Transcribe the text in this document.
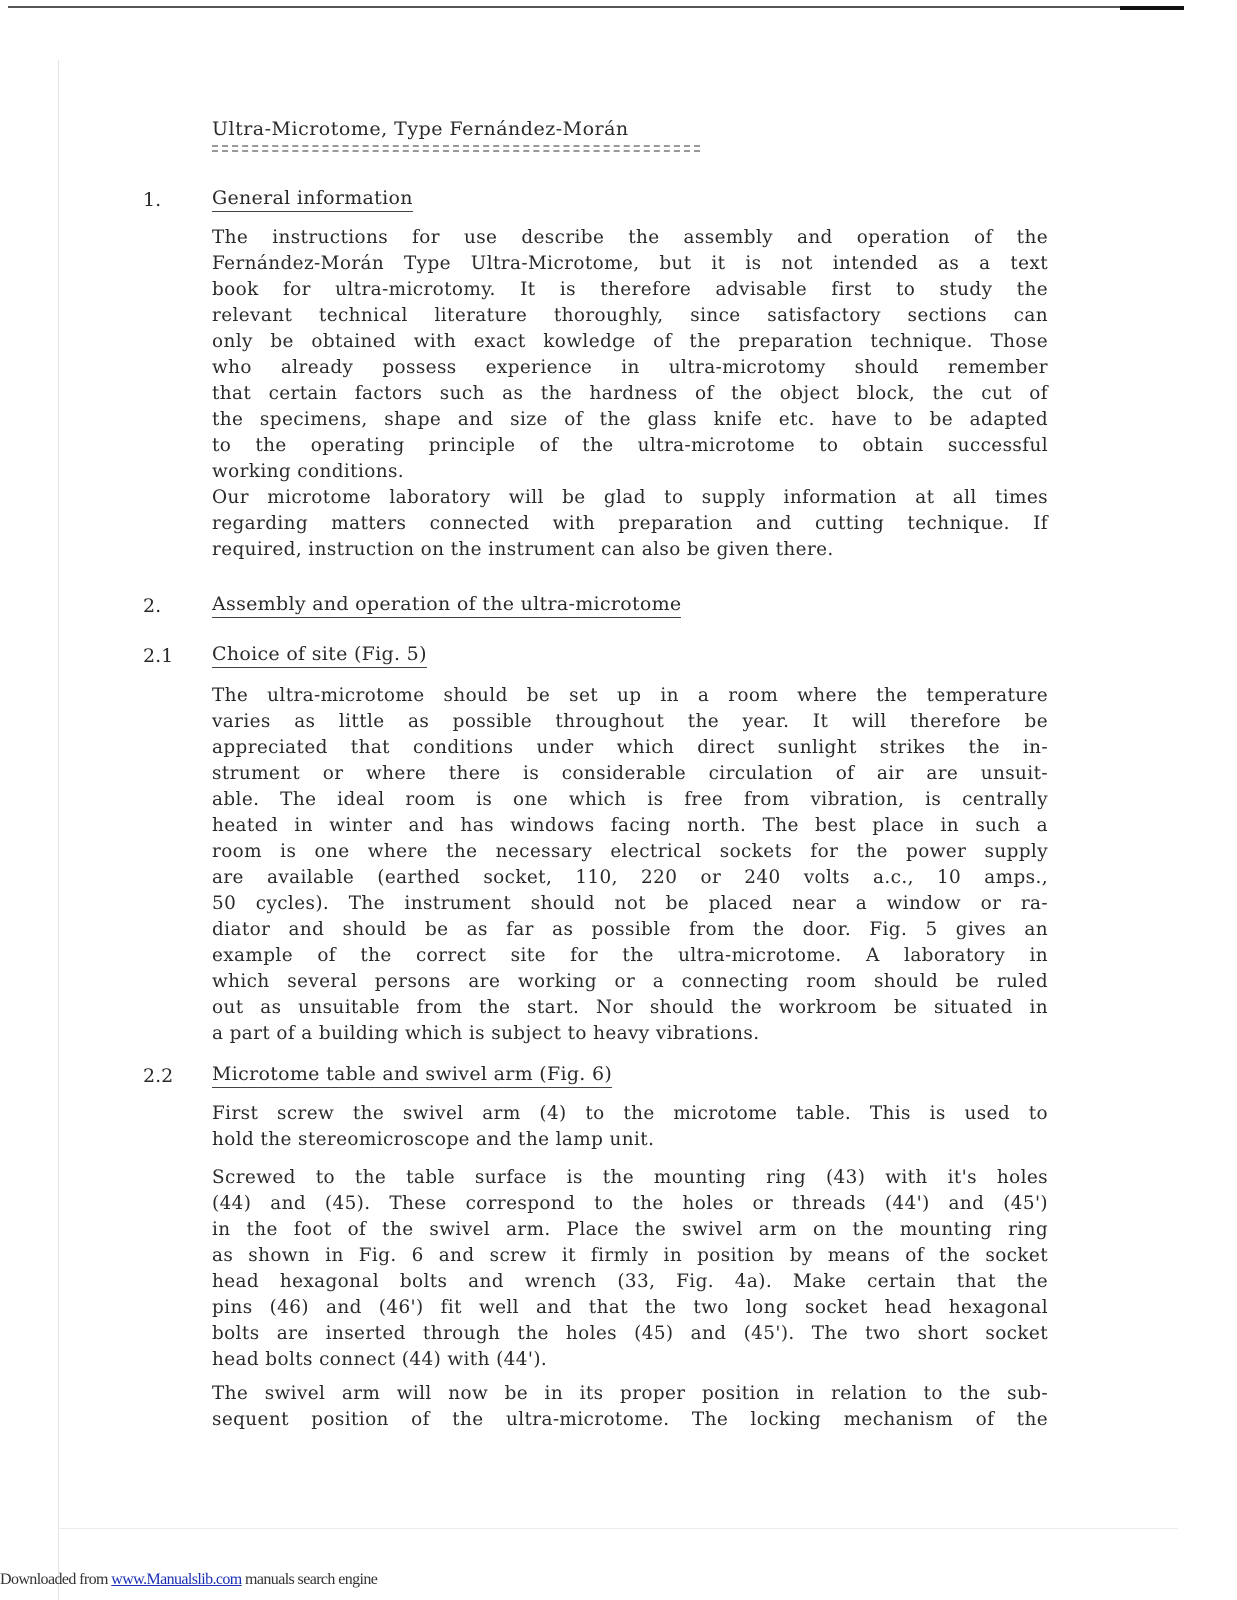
Ultra-Microtome, Type Fernández-Morán
1.	General information
The instructions for use describe the assembly and operation of the
Fernández-Morán Type Ultra-Microtome, but it is not intended as a text
book for ultra-microtomy. It is therefore advisable first to study the
relevant technical literature thoroughly, since satisfactory sections can
only be obtained with exact kowledge of the preparation technique. Those
who already possess experience in ultra-microtomy should remember
that certain factors such as the hardness of the object block, the cut of
the specimens, shape and size of the glass knife etc. have to be adapted
to the operating principle of the ultra-microtome to obtain successful
working conditions.
Our microtome laboratory will be glad to supply information at all times
regarding matters connected with preparation and cutting technique. If
required, instruction on the instrument can also be given there.
2.	Assembly and operation of the ultra-microtome
2.1 Choice of site (Fig. 5)
The ultra-microtome should be set up in a room where the temperature
varies as little as possible throughout the year. It will therefore be
appreciated that conditions under which direct sunlight strikes the in-
strument or where there is considerable circulation of air are unsuit-
able. The ideal room is one which is free from vibration, is centrally
heated in winter and has windows facing north. The best place in such a
room is one where the necessary electrical sockets for the power supply
are available (earthed socket, 110, 220 or 240 volts a.c., 10 amps.,
50 cycles). The instrument should not be placed near a window or ra-
diator and should be as far as possible from the door. Fig. 5 gives an
example of the correct site for the ultra-microtome. A laboratory in
which several persons are working or a connecting room should be ruled
out as unsuitable from the start. Nor should the workroom be situated in
a part of a building which is subject to heavy vibrations.
2.2 Microtome table and swivel arm (Fig. 6)
First screw the swivel arm (4) to the microtome table. This is used to
hold the stereomicroscope and the lamp unit.
Screwed to the table surface is the mounting ring (43) with it's holes
(44) and (45). These correspond to the holes or threads (44') and (45')
in the foot of the swivel arm. Place the swivel arm on the mounting ring
as shown in Fig. 6 and screw it firmly in position by means of the socket
head hexagonal bolts and wrench (33, Fig. 4a). Make certain that the
pins (46) and (46') fit well and that the two long socket head hexagonal
bolts are inserted through the holes (45) and (45'). The two short socket
head bolts connect (44) with (44').
The swivel arm will now be in its proper position in relation to the sub-
sequent position of the ultra-microtome. The locking mechanism of the
Downloaded from www.Manualslib.com manuals search engine
